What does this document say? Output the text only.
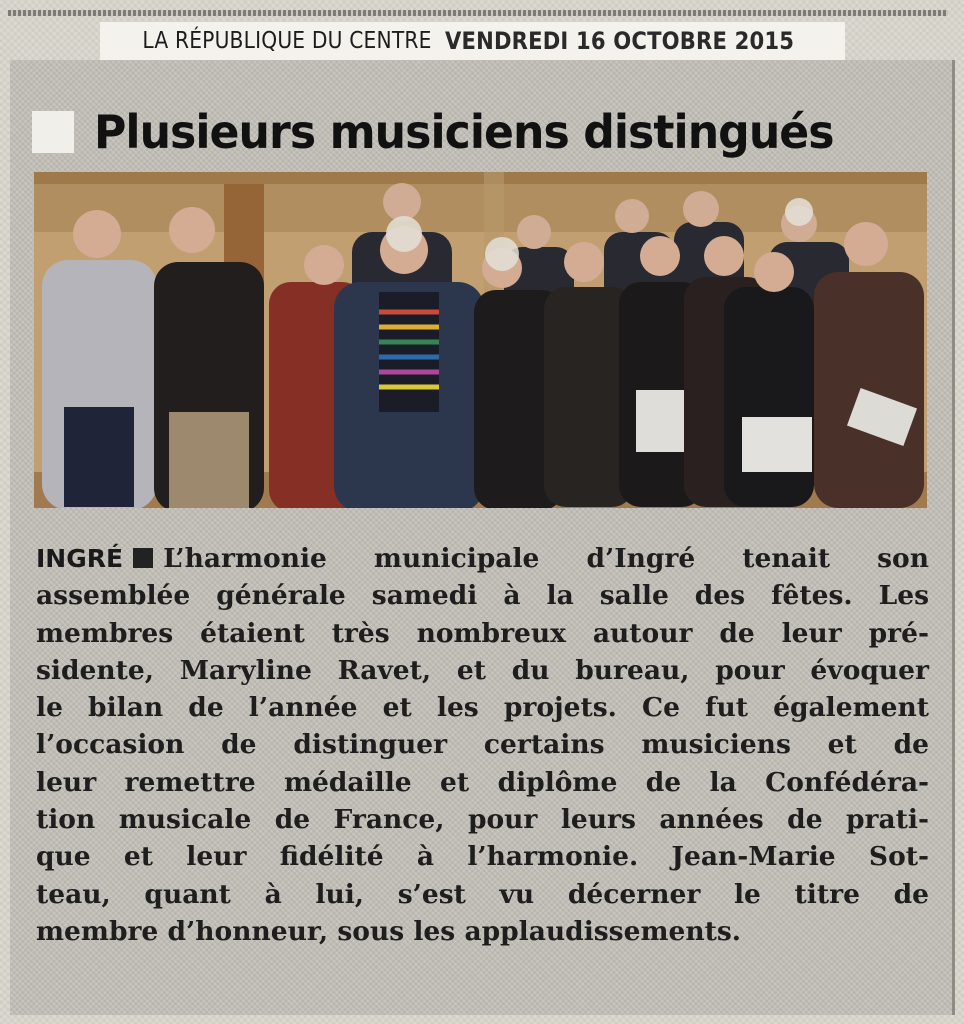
LA RÉPUBLIQUE DU CENTRE VENDREDI 16 OCTOBRE 2015
Plusieurs musiciens distingués
INGRÉ L’harmonie municipale d’Ingré tenait son
assemblée générale samedi à la salle des fêtes. Les
membres étaient très nombreux autour de leur pré-
sidente, Maryline Ravet, et du bureau, pour évoquer
le bilan de l’année et les projets. Ce fut également
l’occasion de distinguer certains musiciens et de
leur remettre médaille et diplôme de la Confédéra-
tion musicale de France, pour leurs années de prati-
que et leur fidélité à l’harmonie. Jean-Marie Sot-
teau, quant à lui, s’est vu décerner le titre de
membre d’honneur, sous les applaudissements.
